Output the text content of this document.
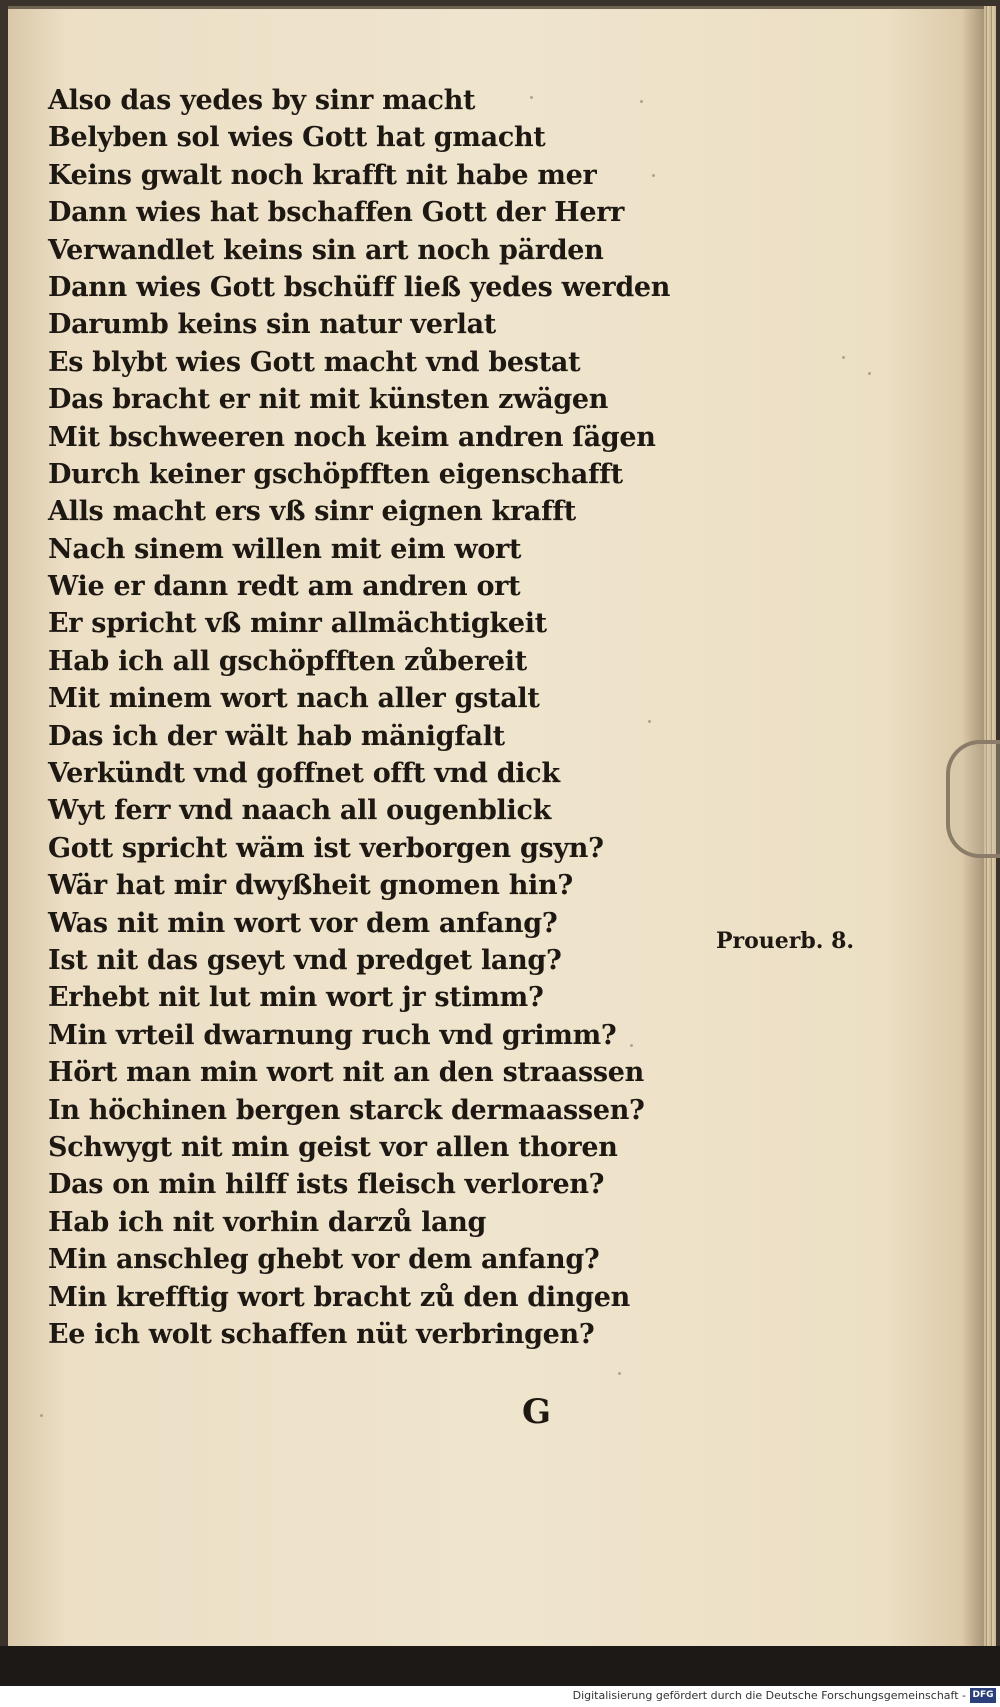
Also das yedes by sinr macht
Belyben sol wies Gott hat gmacht
Keins gwalt noch krafft nit habe mer
Dann wies hat bschaffen Gott der Herr
Verwandlet keins sin art noch pärden
Dann wies Gott bschüff ließ yedes werden
Darumb keins sin natur verlat
Es blybt wies Gott macht vnd bestat
Das bracht er nit mit künsten zwägen
Mit bschweeren noch keim andren ſägen
Durch keiner gschöpfften eigenschafft
Alls macht ers vß sinr eignen krafft
Nach sinem willen mit eim wort
Wie er dann redt am andren ort
Er spricht vß minr allmächtigkeit
Hab ich all gschöpfften zůbereit
Mit minem wort nach aller gstalt
Das ich der wält hab mänigfalt
Verkündt vnd goffnet offt vnd dick
Wyt ferr vnd naach all ougenblick
Gott spricht wäm ist verborgen gsyn?
Wär hat mir dwyßheit gnomen hin?
Was nit min wort vor dem anfang?
Ist nit das gseyt vnd predget lang?
Erhebt nit lut min wort jr stimm?
Min vrteil dwarnung ruch vnd grimm?
Hört man min wort nit an den straassen
In höchinen bergen starck dermaassen?
Schwygt nit min geist vor allen thoren
Das on min hilff ists fleisch verloren?
Hab ich nit vorhin darzů lang
Min anschleg ghebt vor dem anfang?
Min krefftig wort bracht zů den dingen
Ee ich wolt schaffen nüt verbringen?
Prouerb. 8.
G
Digitalisierung gefördert durch die Deutsche Forschungsgemeinschaft - DFG
